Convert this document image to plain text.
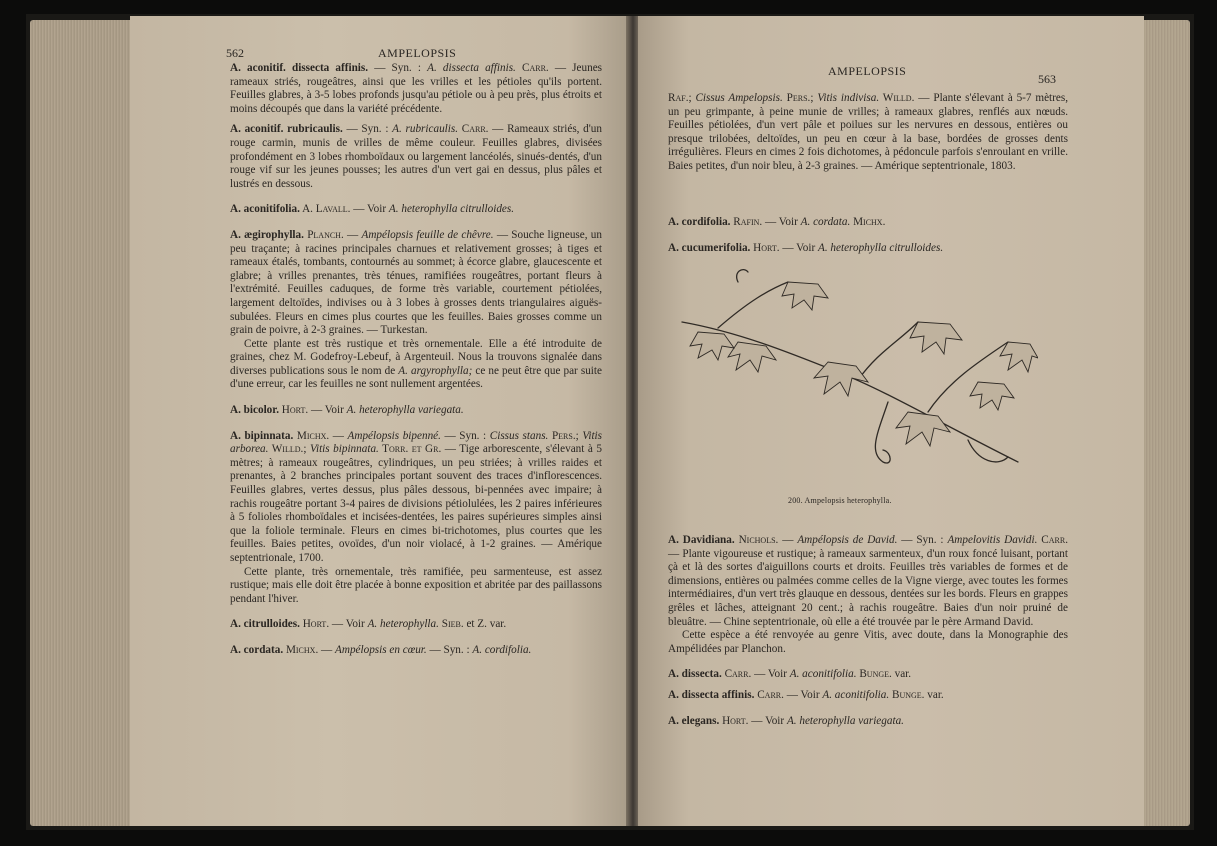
562	AMPELOPSIS

A. aconitif. dissecta affinis. — Syn. : A. dissecta affinis. Carr. — Jeunes rameaux striés, rougeâtres, ainsi que les vrilles et les pétioles qu'ils portent. Feuilles glabres, à 3-5 lobes profonds jusqu'au pétiole ou à peu près, plus étroits et moins découpés que dans la variété précédente.

A. aconitif. rubricaulis. — Syn. : A. rubricaulis. Carr. — Rameaux striés, d'un rouge carmin, munis de vrilles de même couleur. Feuilles glabres, divisées profondément en 3 lobes rhomboïdaux ou largement lancéolés, sinués-dentés, d'un rouge vif sur les jeunes pousses; les autres d'un vert gai en dessus, plus pâles et lustrés en dessous.

A. aconitifolia. A. Lavall. — Voir A. heterophylla citrulloides.

A. ægirophylla. Planch. — Ampélopsis feuille de chêvre. — Souche ligneuse, un peu traçante; à racines principales charnues et relativement grosses; à tiges et rameaux étalés, tombants, contournés au sommet; à écorce glabre, glaucescente et glabre; à vrilles prenantes, très ténues, ramifiées rougeâtres, portant fleurs à l'extrémité. Feuilles caduques, de forme très variable, courtement pétiolées, largement deltoïdes, indivises ou à 3 lobes à grosses dents triangulaires aiguës-subulées. Fleurs en cimes plus courtes que les feuilles. Baies grosses comme un grain de poivre, à 2-3 graines. — Turkestan.

Cette plante est très rustique et très ornementale. Elle a été introduite de graines, chez M. Godefroy-Lebeuf, à Argenteuil. Nous la trouvons signalée dans diverses publications sous le nom de A. argyrophylla; ce ne peut être que par suite d'une erreur, car les feuilles ne sont nullement argentées.

A. bicolor. Hort. — Voir A. heterophylla variegata.

A. bipinnata. Michx. — Ampélopsis bipenné. — Syn. : Cissus stans. Pers.; Vitis arborea. Willd.; Vitis bipinnata. Torr. et Gr. — Tige arborescente, s'élevant à 5 mètres; à rameaux rougeâtres, cylindriques, un peu striées; à vrilles raides et prenantes, à 2 branches principales portant souvent des traces d'inflorescences. Feuilles glabres, vertes dessus, plus pâles dessous, bi-pennées avec impaire; à rachis rougeâtre portant 3-4 paires de divisions pétiolulées, les 2 paires inférieures à 5 folioles rhomboïdales et incisées-dentées, les paires supérieures simples ainsi que la foliole terminale. Fleurs en cimes bi-trichotomes, plus courtes que les feuilles. Baies petites, ovoïdes, d'un noir violacé, à 1-2 graines. — Amérique septentrionale, 1700.

Cette plante, très ornementale, très ramifiée, peu sarmenteuse, est assez rustique; mais elle doit être placée à bonne exposition et abritée par des paillassons pendant l'hiver.

A. citrulloides. Hort. — Voir A. heterophylla. Sieb. et Z. var.

A. cordata. Michx. — Ampélopsis en cœur. — Syn. : A. cordifolia.

AMPELOPSIS
563

Raf.; Cissus Ampelopsis. Pers.; Vitis indivisa. Willd. — Plante s'élevant à 5-7 mètres, un peu grimpante, à peine munie de vrilles; à rameaux glabres, renflés aux nœuds. Feuilles pétiolées, d'un vert pâle et poilues sur les nervures en dessous, entières ou presque trilobées, deltoïdes, un peu en cœur à la base, bordées de grosses dents irrégulières. Fleurs en cimes 2 fois dichotomes, à pédoncule parfois s'enroulant en vrille. Baies petites, d'un noir bleu, à 2-3 graines. — Amérique septentrionale, 1803.

A. cordifolia. Rafin. — Voir A. cordata. Michx.

A. cucumerifolia. Hort. — Voir A. heterophylla citrulloides.

200. Ampelopsis heterophylla.

A. Davidiana. Nichols. — Ampélopsis de David. — Syn. : Ampelovitis Davidi. Carr. — Plante vigoureuse et rustique; à rameaux sarmenteux, d'un roux foncé luisant, portant çà et là des sortes d'aiguillons courts et droits. Feuilles très variables de formes et de dimensions, entières ou palmées comme celles de la Vigne vierge, avec toutes les formes intermédiaires, d'un vert très glauque en dessous, dentées sur les bords. Fleurs en grappes grêles et lâches, atteignant 20 cent.; à rachis rougeâtre. Baies d'un noir pruiné de bleuâtre. — Chine septentrionale, où elle a été trouvée par le père Armand David.

Cette espèce a été renvoyée au genre Vitis, avec doute, dans la Monographie des Ampélidées par Planchon.

A. dissecta. Carr. — Voir A. aconitifolia. Bunge. var.

A. dissecta affinis. Carr. — Voir A. aconitifolia. Bunge. var.

A. elegans. Hort. — Voir A. heterophylla variegata.
